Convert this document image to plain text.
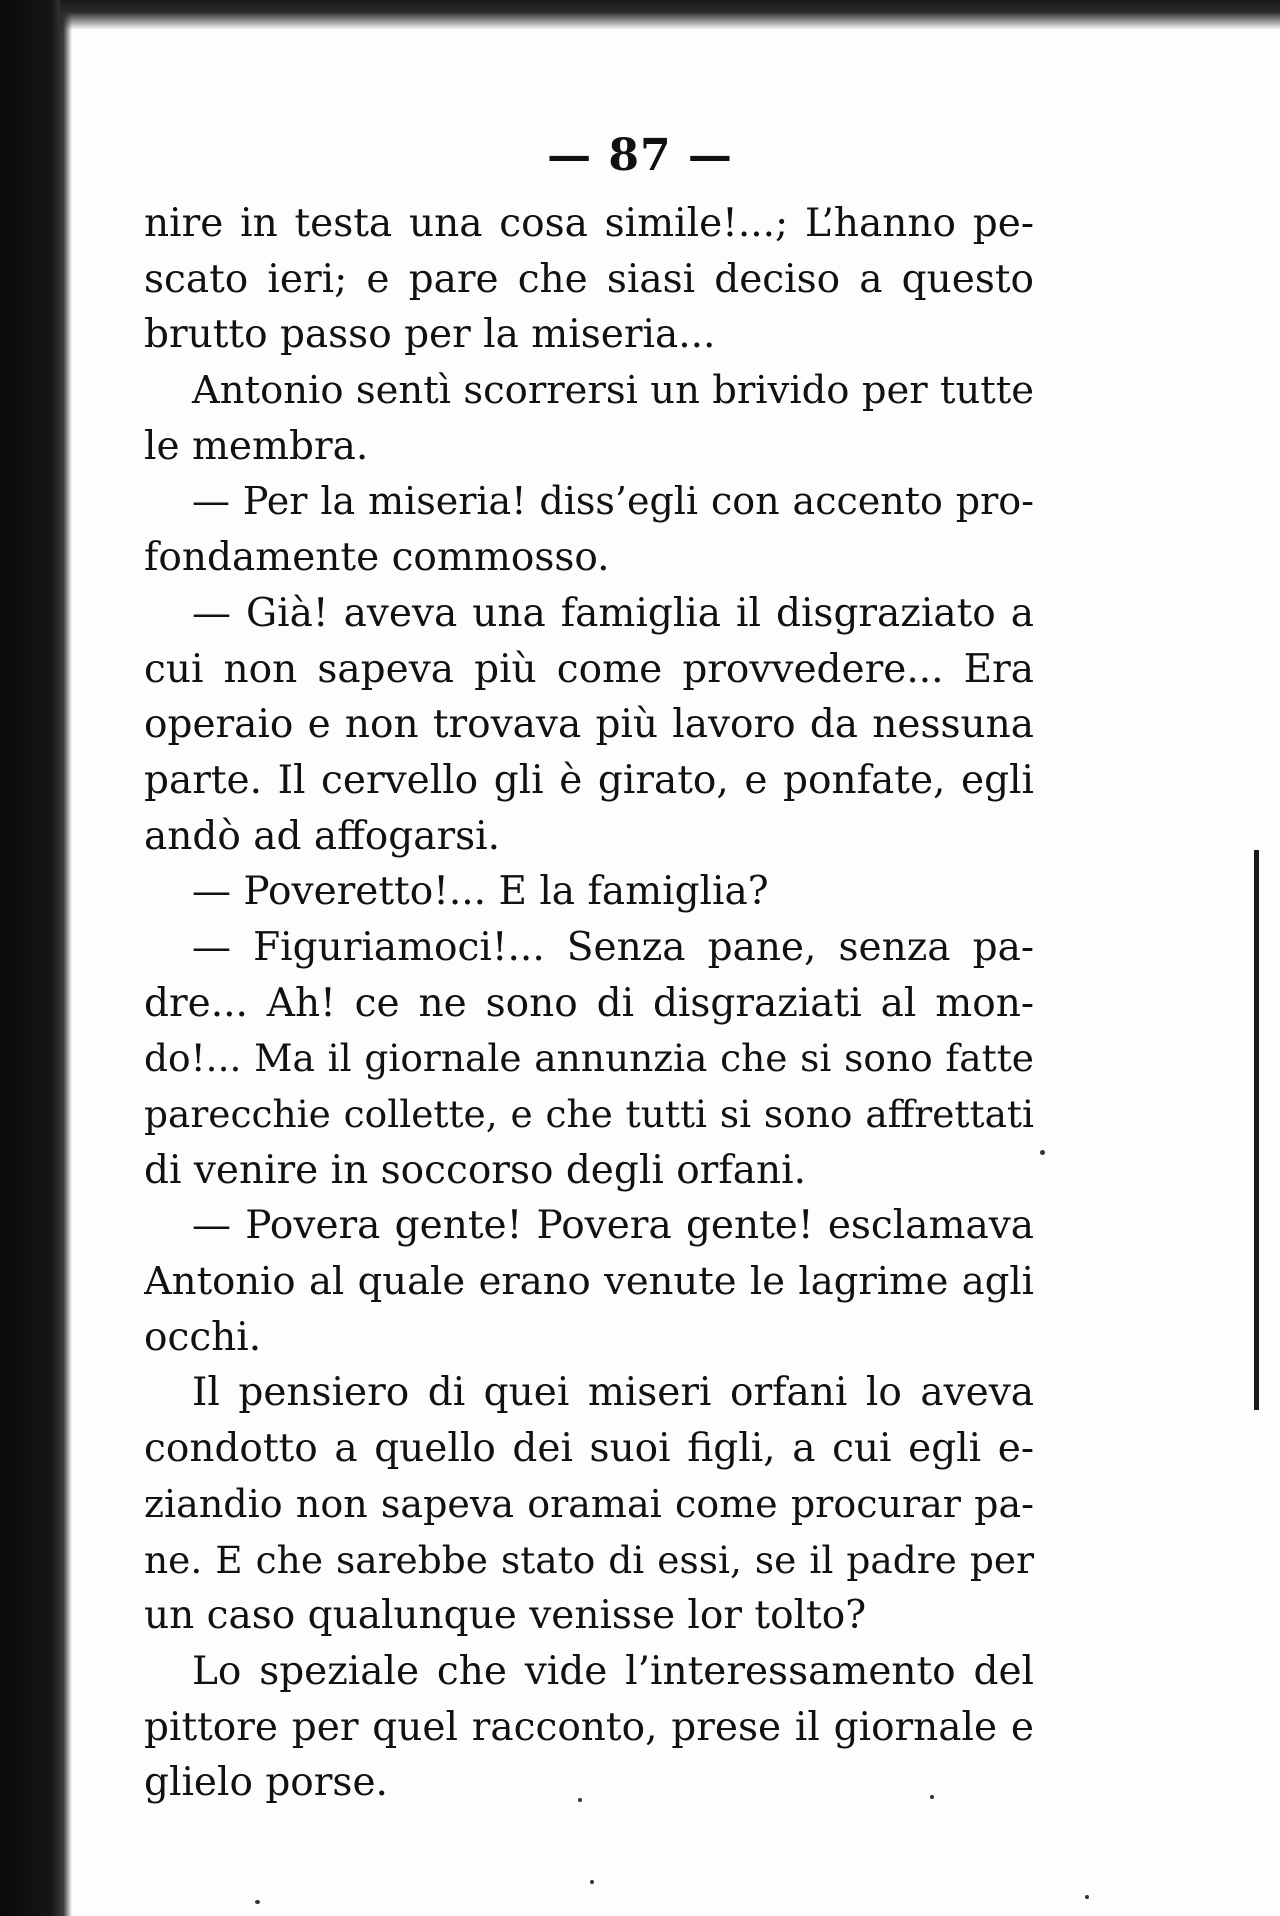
— 87 —
nire in testa una cosa simile!...; L’hanno pe-
scato ieri; e pare che siasi deciso a questo
brutto passo per la miseria...
Antonio sentì scorrersi un brivido per tutte
le membra.
— Per la miseria! diss’egli con accento pro-
fondamente commosso.
— Già! aveva una famiglia il disgraziato a
cui non sapeva più come provvedere... Era
operaio e non trovava più lavoro da nessuna
parte. Il cervello gli è girato, e ponfate, egli
andò ad affogarsi.
— Poveretto!... E la famiglia?
— Figuriamoci!... Senza pane, senza pa-
dre... Ah! ce ne sono di disgraziati al mon-
do!... Ma il giornale annunzia che si sono fatte
parecchie collette, e che tutti si sono affrettati
di venire in soccorso degli orfani.
— Povera gente! Povera gente! esclamava
Antonio al quale erano venute le lagrime agli
occhi.
Il pensiero di quei miseri orfani lo aveva
condotto a quello dei suoi figli, a cui egli e-
ziandio non sapeva oramai come procurar pa-
ne. E che sarebbe stato di essi, se il padre per
un caso qualunque venisse lor tolto?
Lo speziale che vide l’interessamento del
pittore per quel racconto, prese il giornale e
glielo porse.
